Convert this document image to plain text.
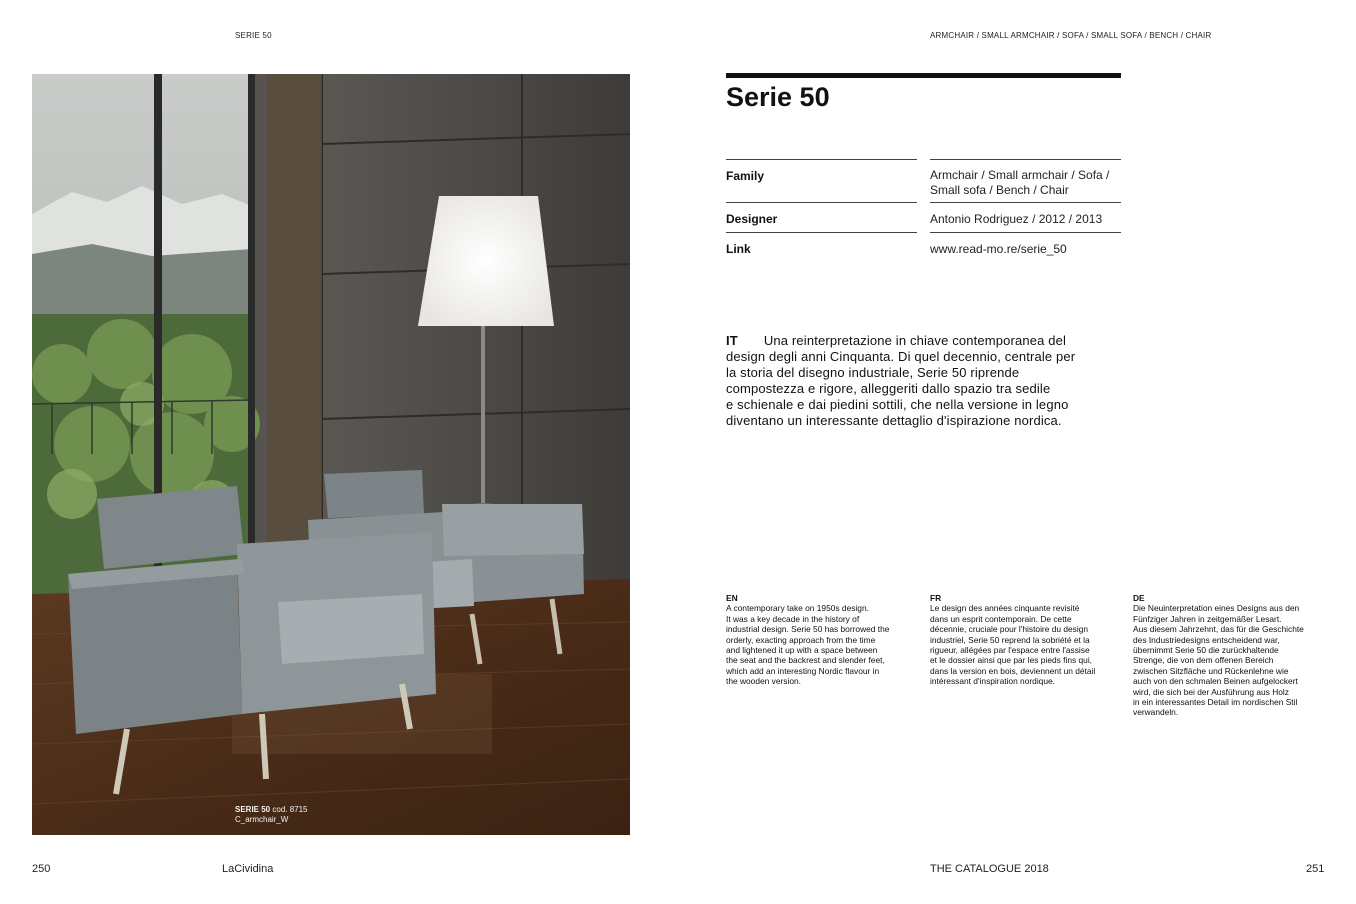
SERIE 50	ARMCHAIR / SMALL ARMCHAIR / SOFA / SMALL SOFA / BENCH / CHAIR
SERIE 50 cod. 8715
C_armchair_W
Serie 50
Family	Armchair / Small armchair / Sofa /
Small sofa / Bench / Chair
Designer	Antonio Rodriguez / 2012 / 2013
Link	www.read-mo.re/serie_50
IT Una reinterpretazione in chiave contemporanea del
design degli anni Cinquanta. Di quel decennio, centrale per
la storia del disegno industriale, Serie 50 riprende
compostezza e rigore, alleggeriti dallo spazio tra sedile
e schienale e dai piedini sottili, che nella versione in legno
diventano un interessante dettaglio d'ispirazione nordica.
EN
A contemporary take on 1950s design.
It was a key decade in the history of
industrial design. Serie 50 has borrowed the
orderly, exacting approach from the time
and lightened it up with a space between
the seat and the backrest and slender feet,
which add an interesting Nordic flavour in
the wooden version.
FR
Le design des années cinquante revisité
dans un esprit contemporain. De cette
décennie, cruciale pour l'histoire du design
industriel, Serie 50 reprend la sobriété et la
rigueur, allégées par l'espace entre l'assise
et le dossier ainsi que par les pieds fins qui,
dans la version en bois, deviennent un détail
intéressant d'inspiration nordique.
DE
Die Neuinterpretation eines Designs aus den
Fünfziger Jahren in zeitgemäßer Lesart.
Aus diesem Jahrzehnt, das für die Geschichte
des Industriedesigns entscheidend war,
übernimmt Serie 50 die zurückhaltende
Strenge, die von dem offenen Bereich
zwischen Sitzfläche und Rückenlehne wie
auch von den schmalen Beinen aufgelockert
wird, die sich bei der Ausführung aus Holz
in ein interessantes Detail im nordischen Stil
verwandeln.
250	LaCividina	THE CATALOGUE 2018	251
